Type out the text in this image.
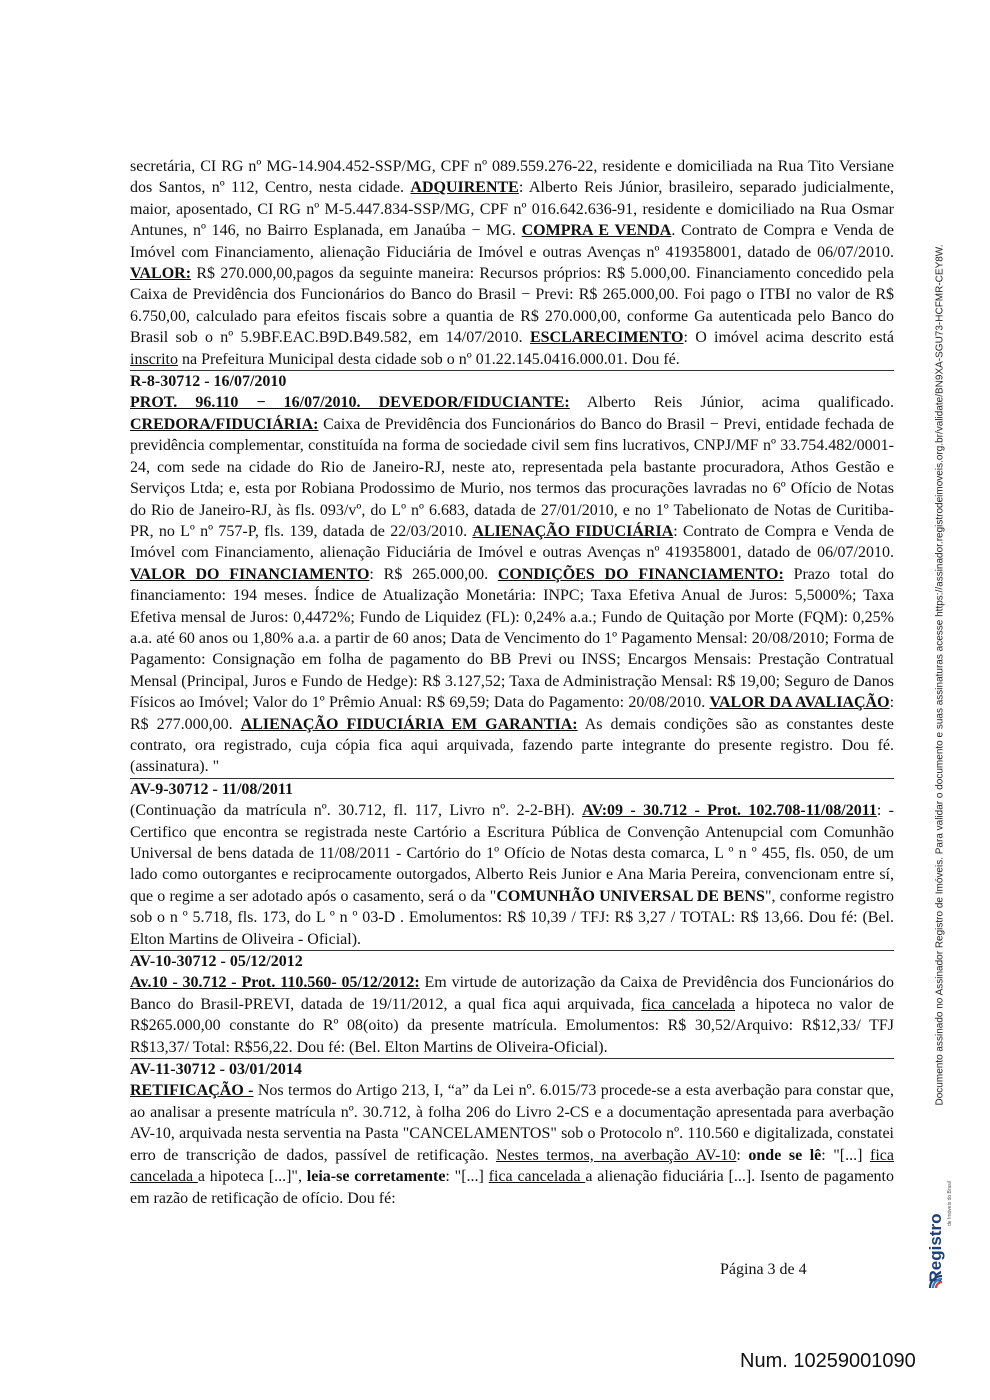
secretária, CI RG nº MG-14.904.452-SSP/MG, CPF nº 089.559.276-22, residente e domiciliada na Rua Tito Versiane dos Santos, nº 112, Centro, nesta cidade. ADQUIRENTE: Alberto Reis Júnior, brasileiro, separado judicialmente, maior, aposentado, CI RG nº M-5.447.834-SSP/MG, CPF nº 016.642.636-91, residente e domiciliado na Rua Osmar Antunes, nº 146, no Bairro Esplanada, em Janaúba − MG. COMPRA E VENDA. Contrato de Compra e Venda de Imóvel com Financiamento, alienação Fiduciária de Imóvel e outras Avenças nº 419358001, datado de 06/07/2010. VALOR: R$ 270.000,00,pagos da seguinte maneira: Recursos próprios: R$ 5.000,00. Financiamento concedido pela Caixa de Previdência dos Funcionários do Banco do Brasil − Previ: R$ 265.000,00. Foi pago o ITBI no valor de R$ 6.750,00, calculado para efeitos fiscais sobre a quantia de R$ 270.000,00, conforme Ga autenticada pelo Banco do Brasil sob o nº 5.9BF.EAC.B9D.B49.582, em 14/07/2010. ESCLARECIMENTO: O imóvel acima descrito está inscrito na Prefeitura Municipal desta cidade sob o nº 01.22.145.0416.000.01. Dou fé.

R-8-30712 - 16/07/2010

PROT. 96.110 − 16/07/2010. DEVEDOR/FIDUCIANTE: Alberto Reis Júnior, acima qualificado. CREDORA/FIDUCIÁRIA: Caixa de Previdência dos Funcionários do Banco do Brasil − Previ, entidade fechada de previdência complementar, constituída na forma de sociedade civil sem fins lucrativos, CNPJ/MF nº 33.754.482/0001-24, com sede na cidade do Rio de Janeiro-RJ, neste ato, representada pela bastante procuradora, Athos Gestão e Serviços Ltda; e, esta por Robiana Prodossimo de Murio, nos termos das procurações lavradas no 6º Ofício de Notas do Rio de Janeiro-RJ, às fls. 093/vº, do Lº nº 6.683, datada de 27/01/2010, e no 1º Tabelionato de Notas de Curitiba-PR, no Lº nº 757-P, fls. 139, datada de 22/03/2010. ALIENAÇÃO FIDUCIÁRIA: Contrato de Compra e Venda de Imóvel com Financiamento, alienação Fiduciária de Imóvel e outras Avenças nº 419358001, datado de 06/07/2010. VALOR DO FINANCIAMENTO: R$ 265.000,00. CONDIÇÕES DO FINANCIAMENTO: Prazo total do financiamento: 194 meses. Índice de Atualização Monetária: INPC; Taxa Efetiva Anual de Juros: 5,5000%; Taxa Efetiva mensal de Juros: 0,4472%; Fundo de Liquidez (FL): 0,24% a.a.; Fundo de Quitação por Morte (FQM): 0,25% a.a. até 60 anos ou 1,80% a.a. a partir de 60 anos; Data de Vencimento do 1º Pagamento Mensal: 20/08/2010; Forma de Pagamento: Consignação em folha de pagamento do BB Previ ou INSS; Encargos Mensais: Prestação Contratual Mensal (Principal, Juros e Fundo de Hedge): R$ 3.127,52; Taxa de Administração Mensal: R$ 19,00; Seguro de Danos Físicos ao Imóvel; Valor do 1º Prêmio Anual: R$ 69,59; Data do Pagamento: 20/08/2010. VALOR DA AVALIAÇÃO: R$ 277.000,00. ALIENAÇÃO FIDUCIÁRIA EM GARANTIA: As demais condições são as constantes deste contrato, ora registrado, cuja cópia fica aqui arquivada, fazendo parte integrante do presente registro. Dou fé. (assinatura). "

AV-9-30712 - 11/08/2011

(Continuação da matrícula nº. 30.712, fl. 117, Livro nº. 2-2-BH). AV:09 - 30.712 - Prot. 102.708-11/08/2011: - Certifico que encontra se registrada neste Cartório a Escritura Pública de Convenção Antenupcial com Comunhão Universal de bens datada de 11/08/2011 - Cartório do 1º Ofício de Notas desta comarca, L º n º 455, fls. 050, de um lado como outorgantes e reciprocamente outorgados, Alberto Reis Junior e Ana Maria Pereira, convencionam entre sí, que o regime a ser adotado após o casamento, será o da "COMUNHÃO UNIVERSAL DE BENS", conforme registro sob o n º 5.718, fls. 173, do L º n º 03-D . Emolumentos: R$ 10,39 / TFJ: R$ 3,27 / TOTAL: R$ 13,66. Dou fé: (Bel. Elton Martins de Oliveira - Oficial).

AV-10-30712 - 05/12/2012

Av.10 - 30.712 - Prot. 110.560- 05/12/2012: Em virtude de autorização da Caixa de Previdência dos Funcionários do Banco do Brasil-PREVI, datada de 19/11/2012, a qual fica aqui arquivada, fica cancelada a hipoteca no valor de R$265.000,00 constante do Rº 08(oito) da presente matrícula. Emolumentos: R$ 30,52/Arquivo: R$12,33/ TFJ R$13,37/ Total: R$56,22. Dou fé: (Bel. Elton Martins de Oliveira-Oficial).

AV-11-30712 - 03/01/2014

RETIFICAÇÃO - Nos termos do Artigo 213, I, “a” da Lei nº. 6.015/73 procede-se a esta averbação para constar que, ao analisar a presente matrícula nº. 30.712, à folha 206 do Livro 2-CS e a documentação apresentada para averbação AV-10, arquivada nesta serventia na Pasta "CANCELAMENTOS" sob o Protocolo nº. 110.560 e digitalizada, constatei erro de transcrição de dados, passível de retificação. Nestes termos, na averbação AV-10: onde se lê: "[...] fica cancelada a hipoteca [...]", leia-se corretamente: "[...] fica cancelada a alienação fiduciária [...]. Isento de pagamento em razão de retificação de ofício. Dou fé:

Página 3 de 4
Documento assinado no Assinador Registro de Imóveis. Para validar o documento e suas assinaturas acesse https://assinador.registrodeimoveis.org.br/validate/BN9XA-SGU73-HCFMR-CEY8W.
Registro
de Imóveis do Brasil
Num. 10259001090
